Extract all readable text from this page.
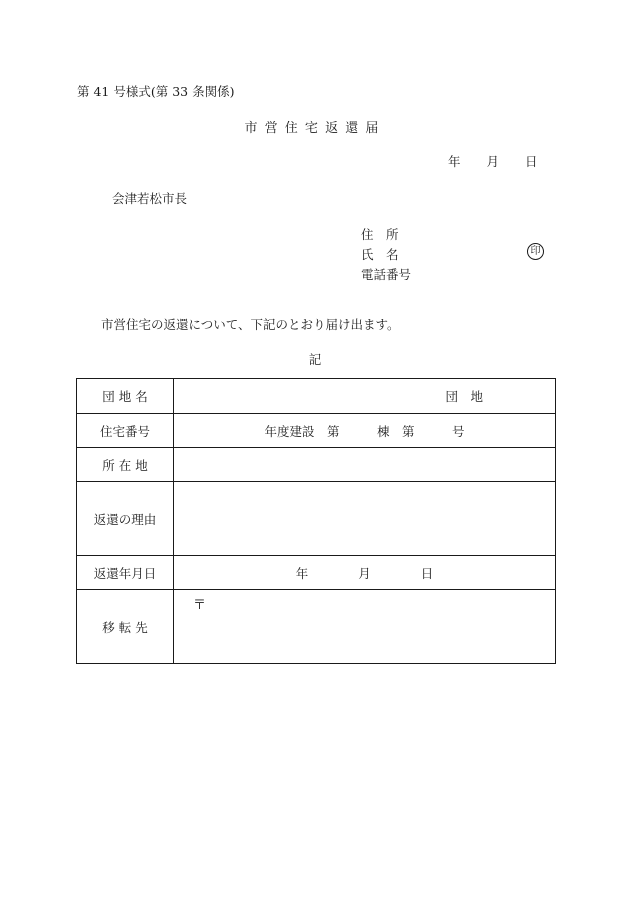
第 41 号様式(第 33 条関係)
市営住宅返還届
年 月 日
会津若松市長
住　所
氏　名
電話番号
印
市営住宅の返還について、下記のとおり届け出ます。
記
団 地 名	団　地
住宅番号	年度建設　第　　　棟　第　　　号
所 在 地	
返還の理由	
返還年月日	年　　　　月　　　　日
移 転 先	〒
